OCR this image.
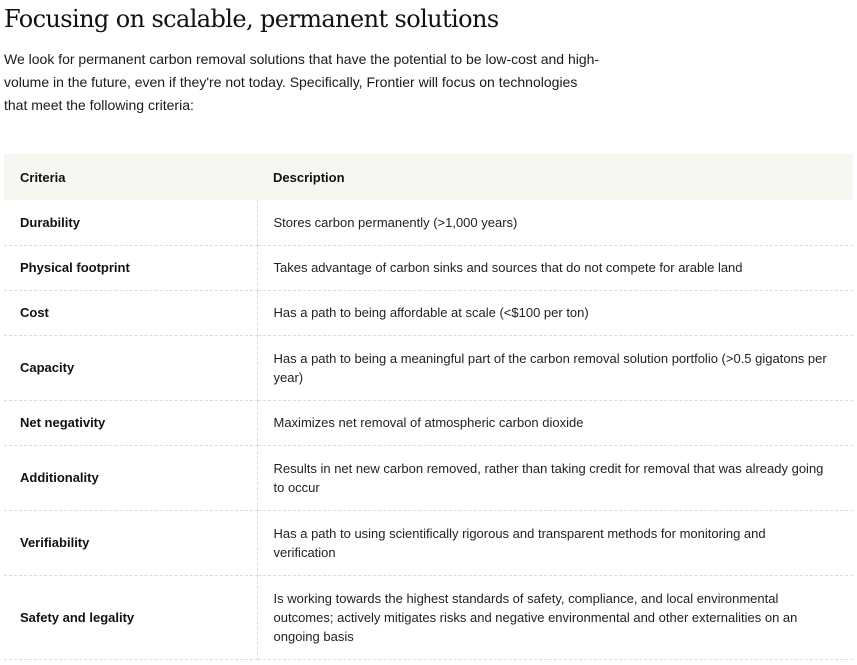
Focusing on scalable, permanent solutions

We look for permanent carbon removal solutions that have the potential to be low-cost and high-volume in the future, even if they're not today. Specifically, Frontier will focus on technologies that meet the following criteria:

Criteria	Description
Durability	Stores carbon permanently (>1,000 years)
Physical footprint	Takes advantage of carbon sinks and sources that do not compete for arable land
Cost	Has a path to being affordable at scale (<$100 per ton)
Capacity	Has a path to being a meaningful part of the carbon removal solution portfolio (>0.5 gigatons per year)
Net negativity	Maximizes net removal of atmospheric carbon dioxide
Additionality	Results in net new carbon removed, rather than taking credit for removal that was already going to occur
Verifiability	Has a path to using scientifically rigorous and transparent methods for monitoring and verification
Safety and legality	Is working towards the highest standards of safety, compliance, and local environmental outcomes; actively mitigates risks and negative environmental and other externalities on an ongoing basis
